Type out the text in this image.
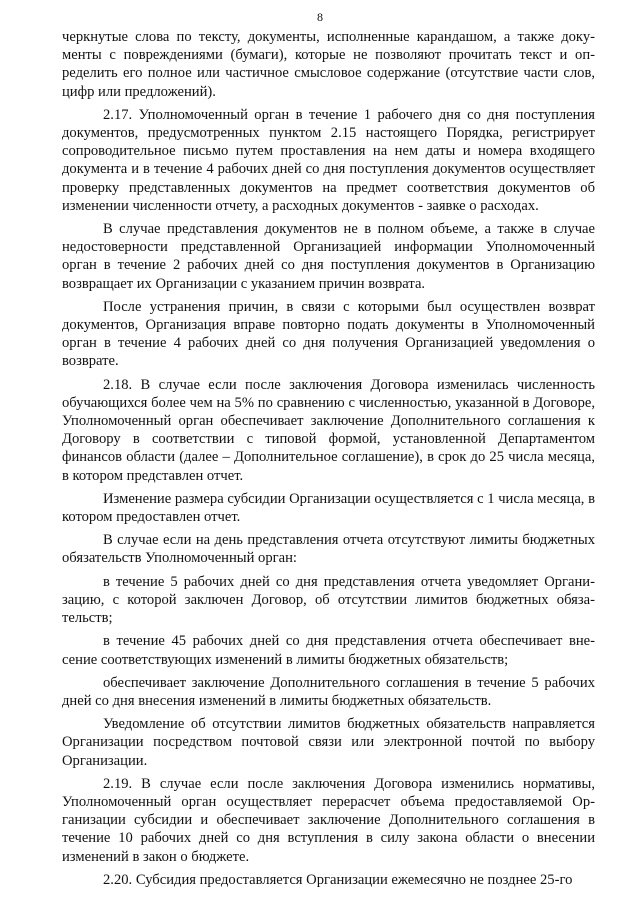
8

черкнутые слова по тексту, документы, исполненные карандашом, а также документы с повреждениями (бумаги), которые не позволяют прочитать текст и определить его полное или частичное смысловое содержание (отсутствие части слов, цифр или предложений).

2.17. Уполномоченный орган в течение 1 рабочего дня со дня поступления документов, предусмотренных пунктом 2.15 настоящего Порядка, регистрирует сопроводительное письмо путем проставления на нем даты и номера входящего документа и в течение 4 рабочих дней со дня поступления документов осуществляет проверку представленных документов на предмет соответствия документов об изменении численности отчету, а расходных документов - заявке о расходах.

В случае представления документов не в полном объеме, а также в случае недостоверности представленной Организацией информации Уполномоченный орган в течение 2 рабочих дней со дня поступления документов в Организацию возвращает их Организации с указанием причин возврата.

После устранения причин, в связи с которыми был осуществлен возврат документов, Организация вправе повторно подать документы в Уполномоченный орган в течение 4 рабочих дней со дня получения Организацией уведомления о возврате.

2.18. В случае если после заключения Договора изменилась численность обучающихся более чем на 5% по сравнению с численностью, указанной в Договоре, Уполномоченный орган обеспечивает заключение Дополнительного соглашения к Договору в соответствии с типовой формой, установленной Департаментом финансов области (далее – Дополнительное соглашение), в срок до 25 числа месяца, в котором представлен отчет.

Изменение размера субсидии Организации осуществляется с 1 числа месяца, в котором предоставлен отчет.

В случае если на день представления отчета отсутствуют лимиты бюджетных обязательств Уполномоченный орган:

в течение 5 рабочих дней со дня представления отчета уведомляет Организацию, с которой заключен Договор, об отсутствии лимитов бюджетных обязательств;

в течение 45 рабочих дней со дня представления отчета обеспечивает внесение соответствующих изменений в лимиты бюджетных обязательств;

обеспечивает заключение Дополнительного соглашения в течение 5 рабочих дней со дня внесения изменений в лимиты бюджетных обязательств.

Уведомление об отсутствии лимитов бюджетных обязательств направляется Организации посредством почтовой связи или электронной почтой по выбору Организации.

2.19. В случае если после заключения Договора изменились нормативы, Уполномоченный орган осуществляет перерасчет объема предоставляемой Организации субсидии и обеспечивает заключение Дополнительного соглашения в течение 10 рабочих дней со дня вступления в силу закона области о внесении изменений в закон о бюджете.

2.20. Субсидия предоставляется Организации ежемесячно не позднее 25-го
